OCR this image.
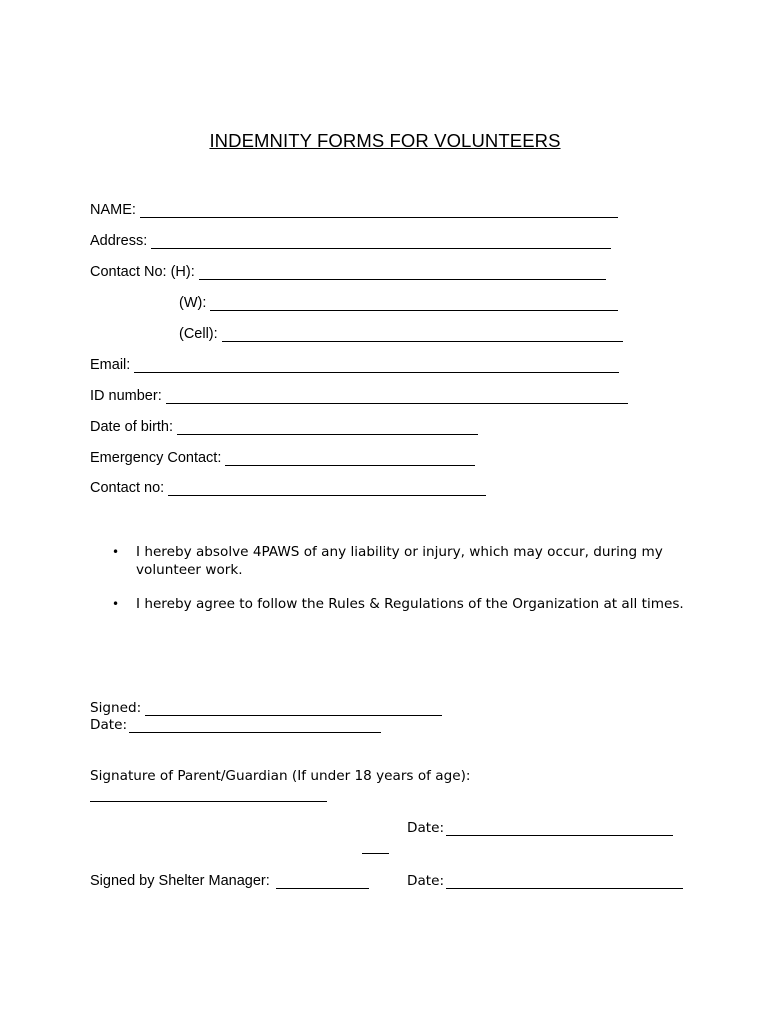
INDEMNITY FORMS FOR VOLUNTEERS
NAME:
Address:
Contact No: (H):
(W):
(Cell):
Email:
ID number:
Date of birth:
Emergency Contact:
Contact no:
•	I hereby absolve 4PAWS of any liability or injury, which may occur, during my volunteer work.
•	I hereby agree to follow the Rules & Regulations of the Organization at all times.
Signed:
Date:
Signature of Parent/Guardian (If under 18 years of age):
Date:
Signed by Shelter Manager:	Date:
